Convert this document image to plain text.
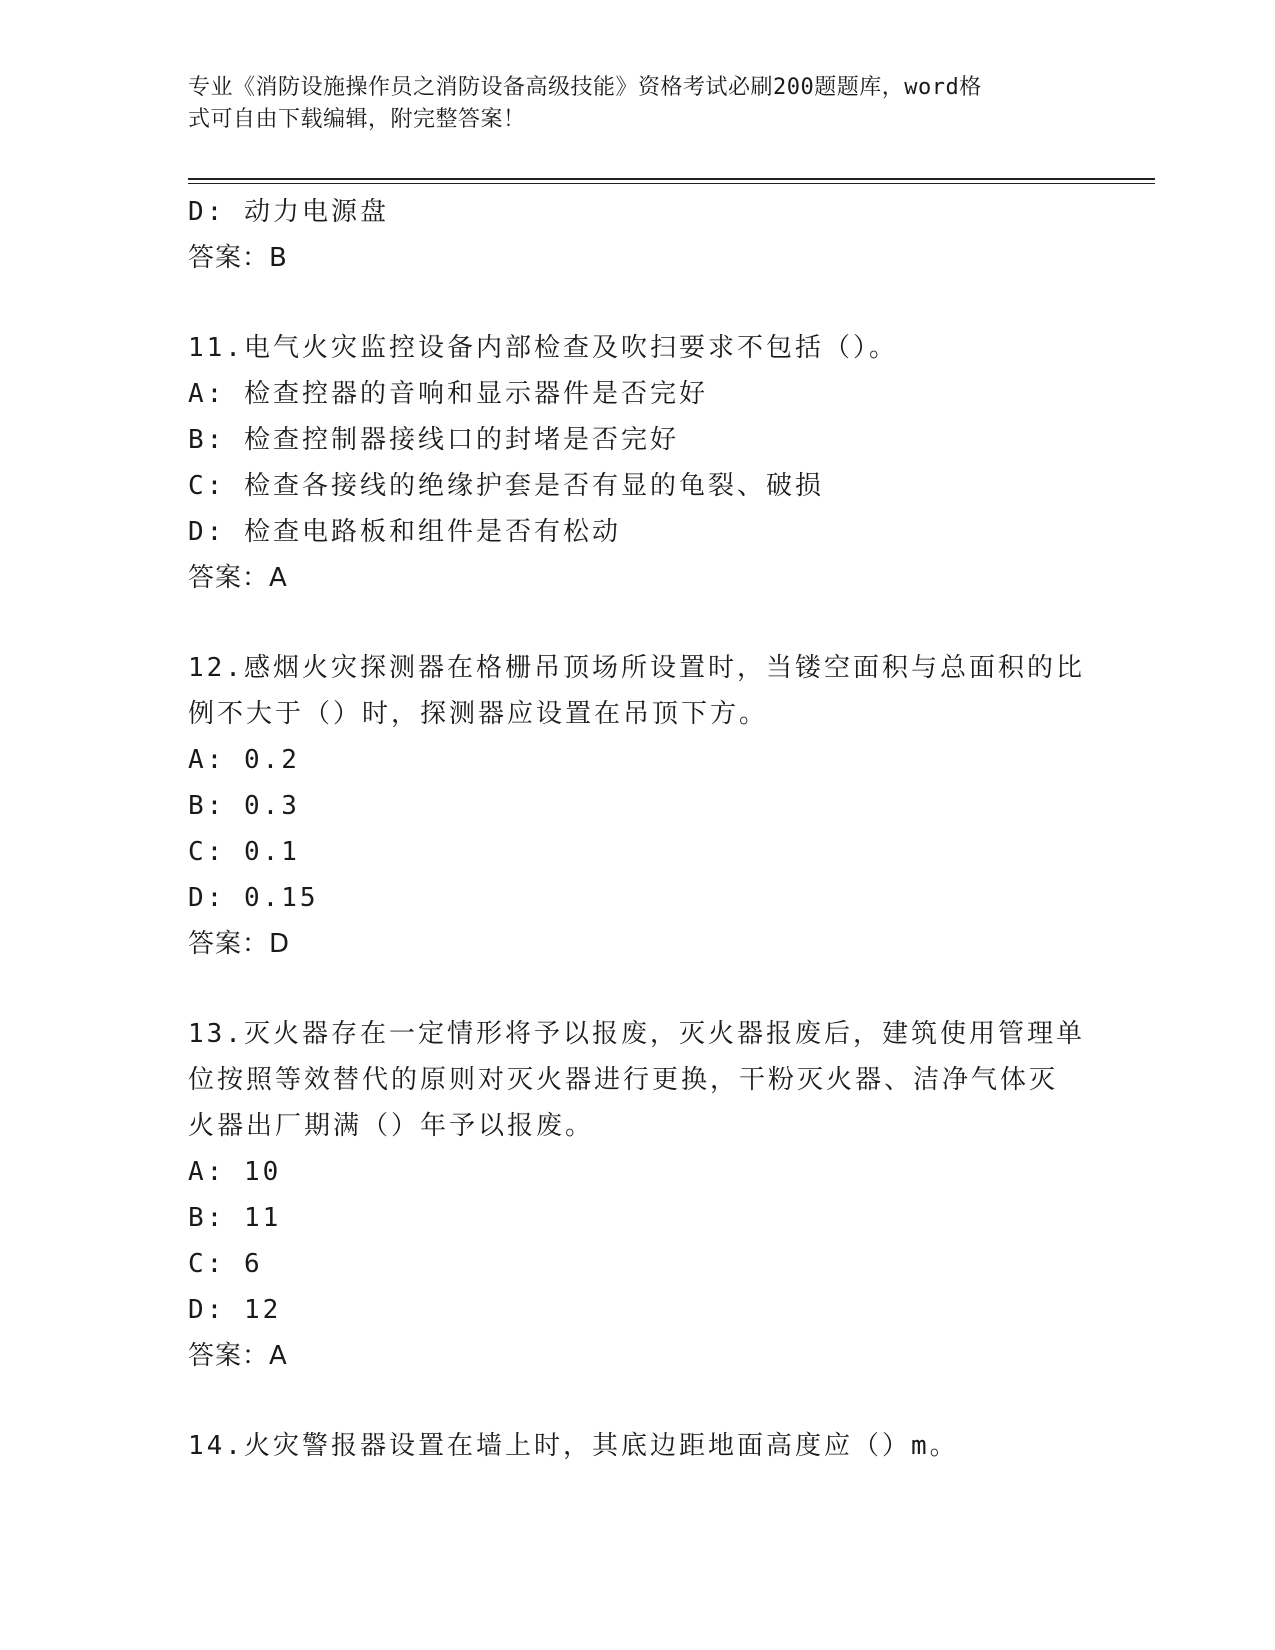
专业《消防设施操作员之消防设备高级技能》资格考试必刷200题题库，word格
式可自由下载编辑，附完整答案！
D: 动力电源盘
答案：B
11.电气火灾监控设备内部检查及吹扫要求不包括（）。
A: 检查控器的音响和显示器件是否完好
B: 检查控制器接线口的封堵是否完好
C: 检查各接线的绝缘护套是否有显的龟裂、破损
D: 检查电路板和组件是否有松动
答案：A
12.感烟火灾探测器在格栅吊顶场所设置时，当镂空面积与总面积的比
例不大于（）时，探测器应设置在吊顶下方。
A: 0.2
B: 0.3
C: 0.1
D: 0.15
答案：D
13.灭火器存在一定情形将予以报废，灭火器报废后，建筑使用管理单
位按照等效替代的原则对灭火器进行更换，干粉灭火器、洁净气体灭
火器出厂期满（）年予以报废。
A: 10
B: 11
C: 6
D: 12
答案：A
14.火灾警报器设置在墙上时，其底边距地面高度应（）m。
